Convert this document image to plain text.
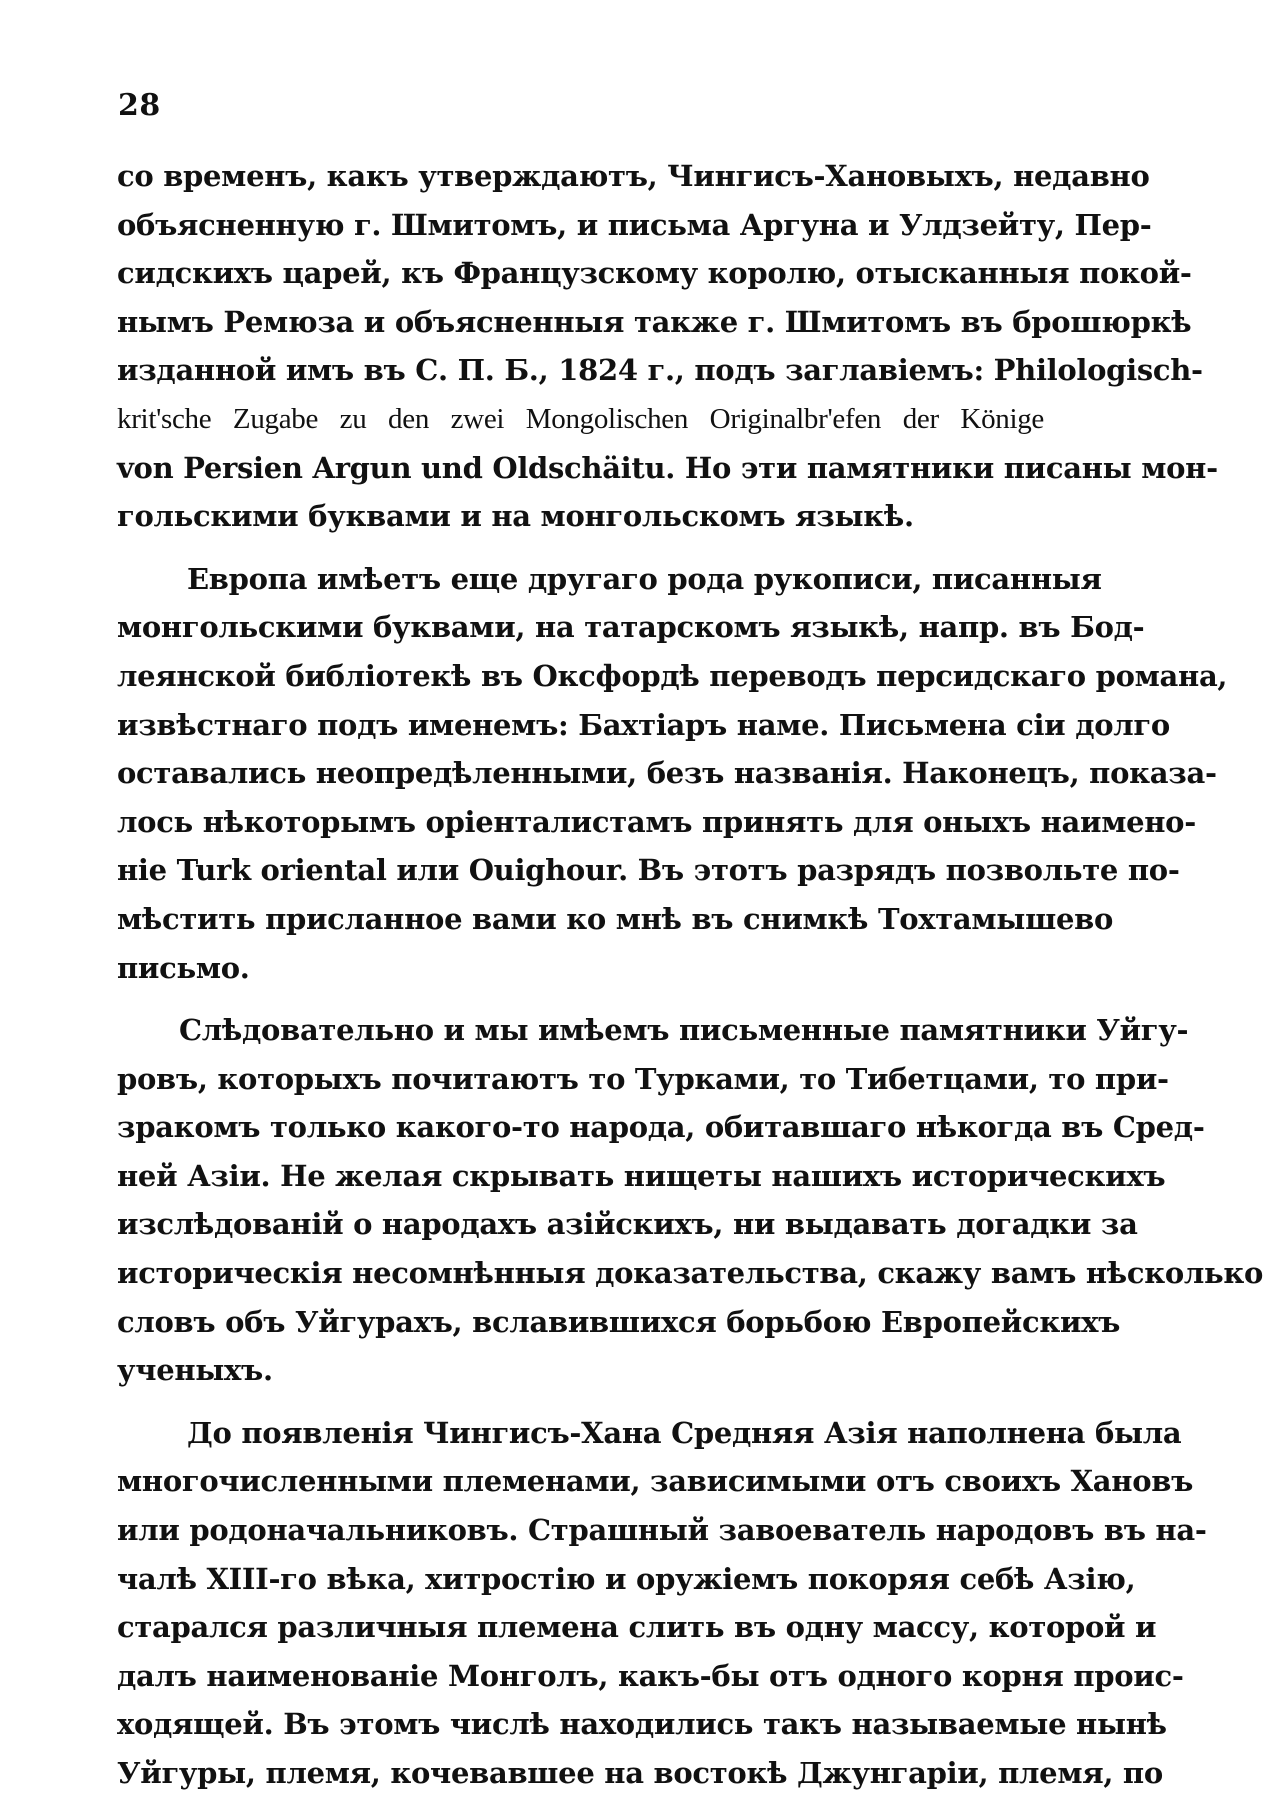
28
со временъ, какъ утверждаютъ, Чингисъ-Хановыхъ, недавно
объясненную г. Шмитомъ, и письма Аргуна и Улдзейту, Пер-
сидскихъ царей, къ Французскому королю, отысканныя покой-
нымъ Ремюза и объясненныя также г. Шмитомъ въ брошюркѣ
изданной имъ въ С. П. Б., 1824 г., подъ заглавіемъ: Philologisch-
krit'sche Zugabe zu den zwei Mongolischen Originalbr'efen der Könige
von Persien Argun und Oldschäitu. Но эти памятники писаны мон-
гольскими буквами и на монгольскомъ языкѣ.
Европа имѣетъ еще другаго рода рукописи, писанныя
монгольскими буквами, на татарскомъ языкѣ, напр. въ Бод-
леянской библіотекѣ въ Оксфордѣ переводъ персидскаго романа,
извѣстнаго подъ именемъ: Бахтіаръ наме. Письмена сіи долго
оставались неопредѣленными, безъ названія. Наконецъ, показа-
лось нѣкоторымъ оріенталистамъ принять для оныхъ наимено-
ніе Turk oriental или Ouighour. Въ этотъ разрядъ позвольте по-
мѣстить присланное вами ко мнѣ въ снимкѣ Тохтамышево
письмо.
Слѣдовательно и мы имѣемъ письменные памятники Уйгу-
ровъ, которыхъ почитаютъ то Турками, то Тибетцами, то при-
зракомъ только какого-то народа, обитавшаго нѣкогда въ Сред-
ней Азіи. Не желая скрывать нищеты нашихъ историческихъ
изслѣдованій о народахъ азійскихъ, ни выдавать догадки за
историческія несомнѣнныя доказательства, скажу вамъ нѣсколько
словъ объ Уйгурахъ, вславившихся борьбою Европейскихъ
ученыхъ.
До появленія Чингисъ-Хана Средняя Азія наполнена была
многочисленными племенами, зависимыми отъ своихъ Хановъ
или родоначальниковъ. Страшный завоеватель народовъ въ на-
чалѣ XIII-го вѣка, хитростію и оружіемъ покоряя себѣ Азію,
старался различныя племена слить въ одну массу, которой и
далъ наименованіе Монголъ, какъ-бы отъ одного корня проис-
ходящей. Въ этомъ числѣ находились такъ называемые нынѣ
Уйгуры, племя, кочевавшее на востокѣ Джунгаріи, племя, по
